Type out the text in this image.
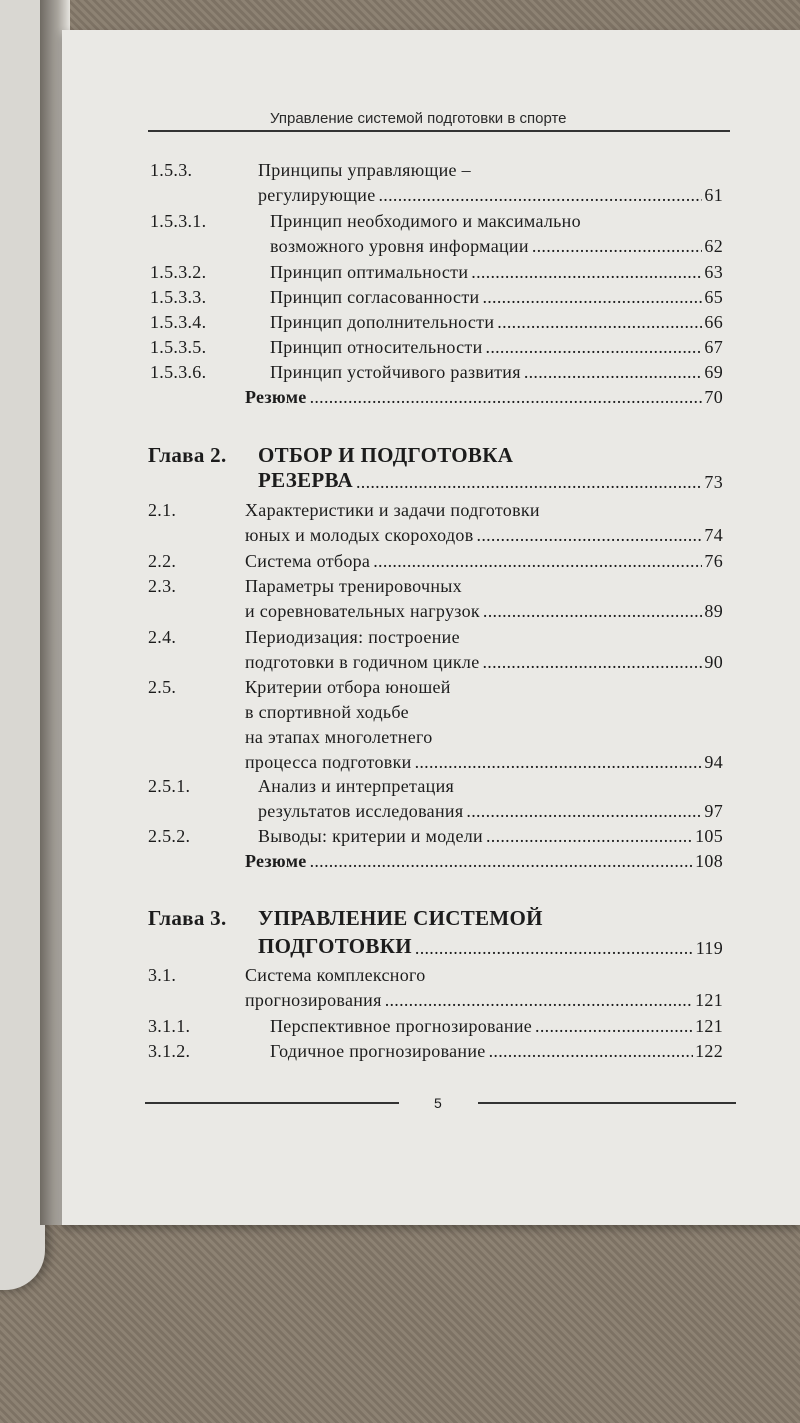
Управление системой подготовки в спорте
1.5.3.	Принципы управляющие –
регулирующие	61
.....
1.5.3.1.	Принцип необходимого и максимально
возможного уровня информации	62
.....
1.5.3.2.	Принцип оптимальности	63
.....
1.5.3.3.	Принцип согласованности	65
.....
1.5.3.4.	Принцип дополнительности	66
.....
1.5.3.5.	Принцип относительности	67
.....
1.5.3.6.	Принцип устойчивого развития	69
.....
Резюме	70
.....
Глава 2. ОТБОР И ПОДГОТОВКА
РЕЗЕРВА	73
.....
2.1.	Характеристики и задачи подготовки
юных и молодых скороходов	74
.....
2.2.	Система отбора	76
.....
2.3.	Параметры тренировочных
и соревновательных нагрузок	89
.....
2.4.	Периодизация: построение
подготовки в годичном цикле	90
.....
2.5.	Критерии отбора юношей
в спортивной ходьбе
на этапах многолетнего
процесса подготовки	94
.....
2.5.1.	Анализ и интерпретация
результатов исследования	97
.....
2.5.2.	Выводы: критерии и модели	105
.....
Резюме	108
.....
Глава 3. УПРАВЛЕНИЕ СИСТЕМОЙ
ПОДГОТОВКИ	119
.....
3.1.	Система комплексного
прогнозирования	121
.....
3.1.1.	Перспективное прогнозирование	121
.....
3.1.2.	Годичное прогнозирование	122
.....
5
